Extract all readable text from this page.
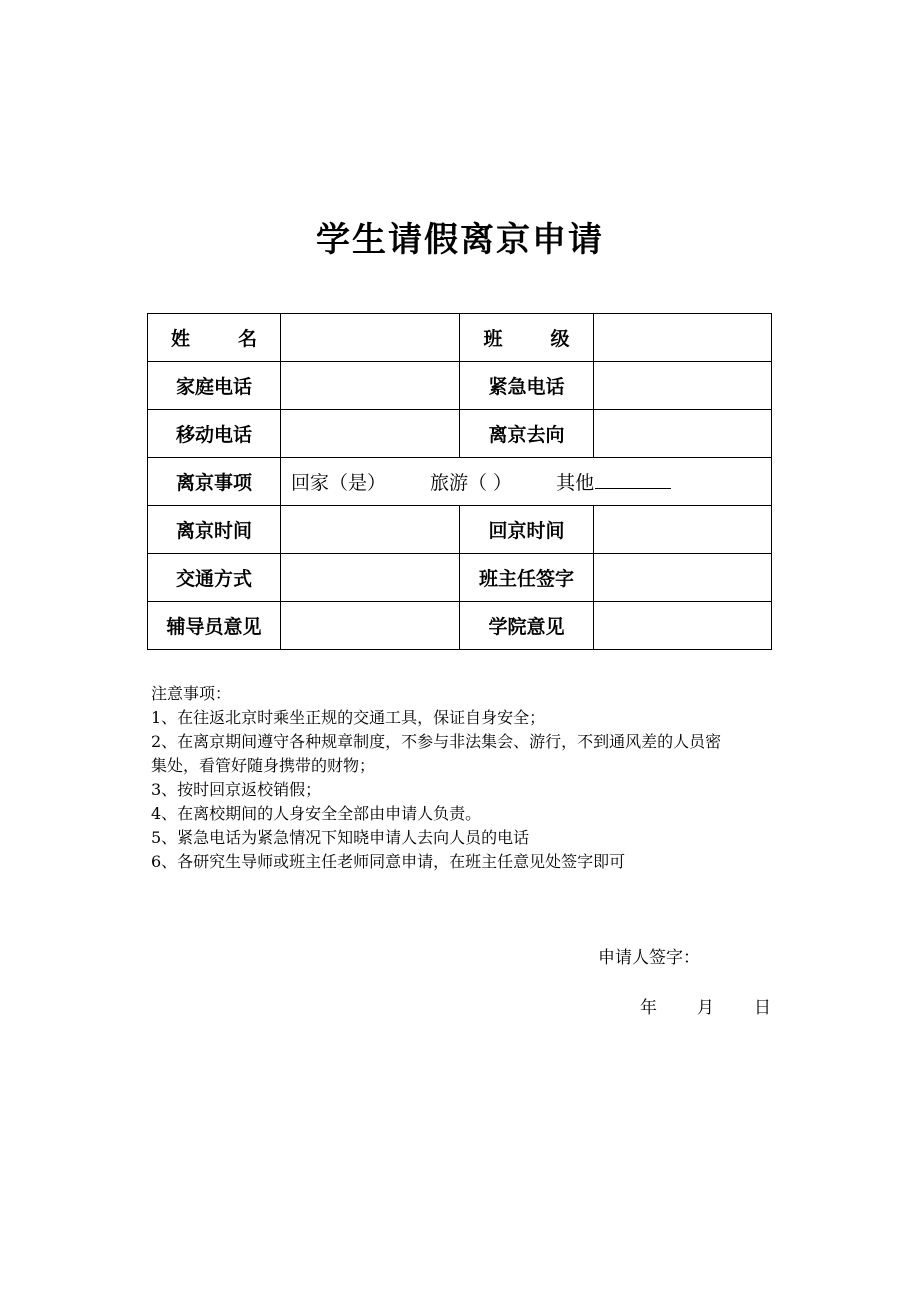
学生请假离京申请
姓名		班级	
家庭电话		紧急电话	
移动电话		离京去向	
离京事项	回家（是） 旅游（ ） 其他		
离京时间		回京时间	
交通方式		班主任签字	
辅导员意见		学院意见	
注意事项：
1、在往返北京时乘坐正规的交通工具，保证自身安全；
2、在离京期间遵守各种规章制度，不参与非法集会、游行，不到通风差的人员密
集处，看管好随身携带的财物；
3、按时回京返校销假；
4、在离校期间的人身安全全部由申请人负责。
5、紧急电话为紧急情况下知晓申请人去向人员的电话
6、各研究生导师或班主任老师同意申请，在班主任意见处签字即可
申请人签字：
年 月 日
